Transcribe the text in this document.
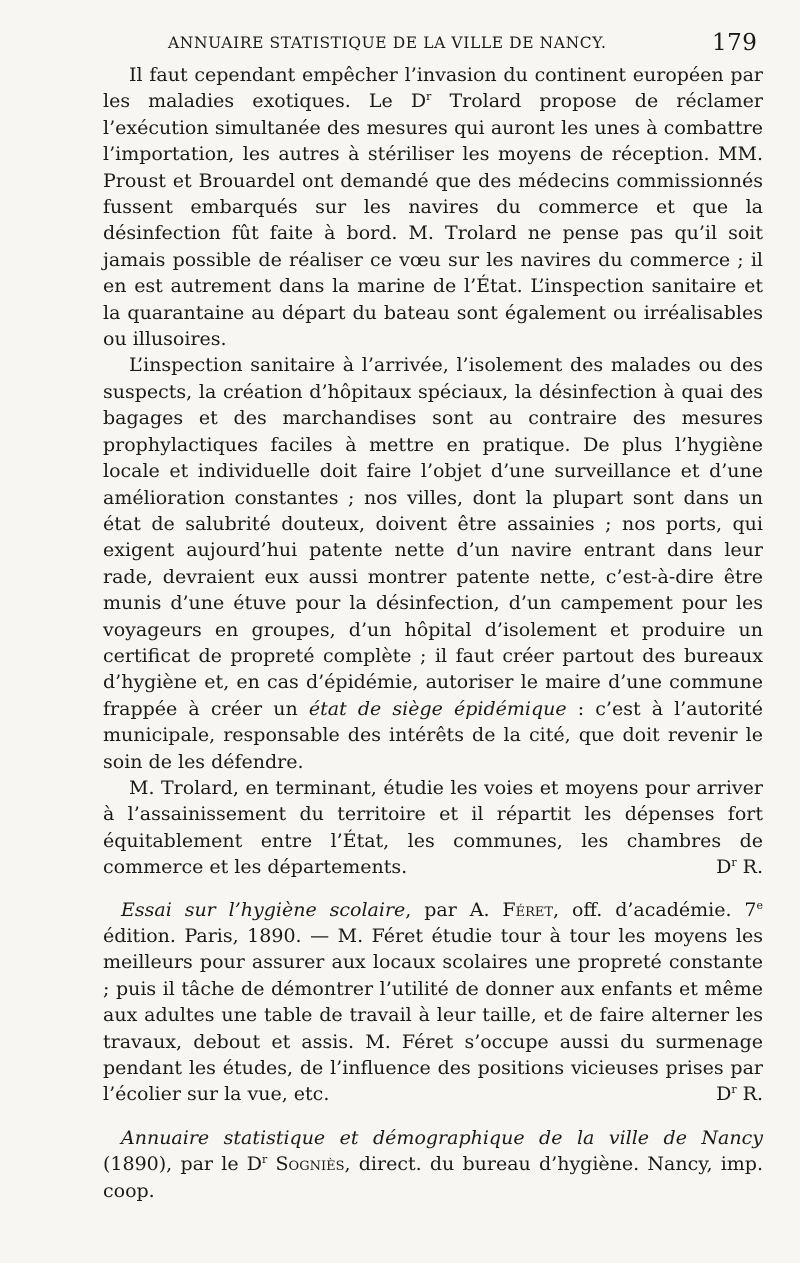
ANNUAIRE STATISTIQUE DE LA VILLE DE NANCY.	179

Il faut cependant empêcher l’invasion du continent européen par les maladies exotiques. Le $D^r$ Trolard propose de réclamer l’exécution simultanée des mesures qui auront les unes à combattre l’importation, les autres à stériliser les moyens de réception. MM. Proust et Brouardel ont demandé que des médecins commissionnés fussent embarqués sur les navires du commerce et que la désinfection fût faite à bord. M. Trolard ne pense pas qu’il soit jamais possible de réaliser ce vœu sur les navires du commerce ; il en est autrement dans la marine de l’État. L’inspection sanitaire et la quarantaine au départ du bateau sont également ou irréalisables ou illusoires.

L’inspection sanitaire à l’arrivée, l’isolement des malades ou des suspects, la création d’hôpitaux spéciaux, la désinfection à quai des bagages et des marchandises sont au contraire des mesures prophylactiques faciles à mettre en pratique. De plus l’hygiène locale et individuelle doit faire l’objet d’une surveillance et d’une amélioration constantes ; nos villes, dont la plupart sont dans un état de salubrité douteux, doivent être assainies ; nos ports, qui exigent aujourd’hui patente nette d’un navire entrant dans leur rade, devraient eux aussi montrer patente nette, c’est-à-dire être munis d’une étuve pour la désinfection, d’un campement pour les voyageurs en groupes, d’un hôpital d’isolement et produire un certificat de propreté complète ; il faut créer partout des bureaux d’hygiène et, en cas d’épidémie, autoriser le maire d’une commune frappée à créer un état de siège épidémique : c’est à l’autorité municipale, responsable des intérêts de la cité, que doit revenir le soin de les défendre.

M. Trolard, en terminant, étudie les voies et moyens pour arriver à l’assainissement du territoire et il répartit les dépenses fort équitablement entre l’État, les communes, les chambres de commerce et les départements.	$D^r$ R.

Essai sur l’hygiène scolaire, par A. Féret, off. d’académie. 7e édition. Paris, 1890. — M. Féret étudie tour à tour les moyens les meilleurs pour assurer aux locaux scolaires une propreté constante ; puis il tâche de démontrer l’utilité de donner aux enfants et même aux adultes une table de travail à leur taille, et de faire alterner les travaux, debout et assis. M. Féret s’occupe aussi du surmenage pendant les études, de l’influence des positions vicieuses prises par l’écolier sur la vue, etc.	$D^r$ R.

Annuaire statistique et démographique de la ville de Nancy (1890), par le $D^r$ Sogniès, direct. du bureau d’hygiène. Nancy, imp. coop.
